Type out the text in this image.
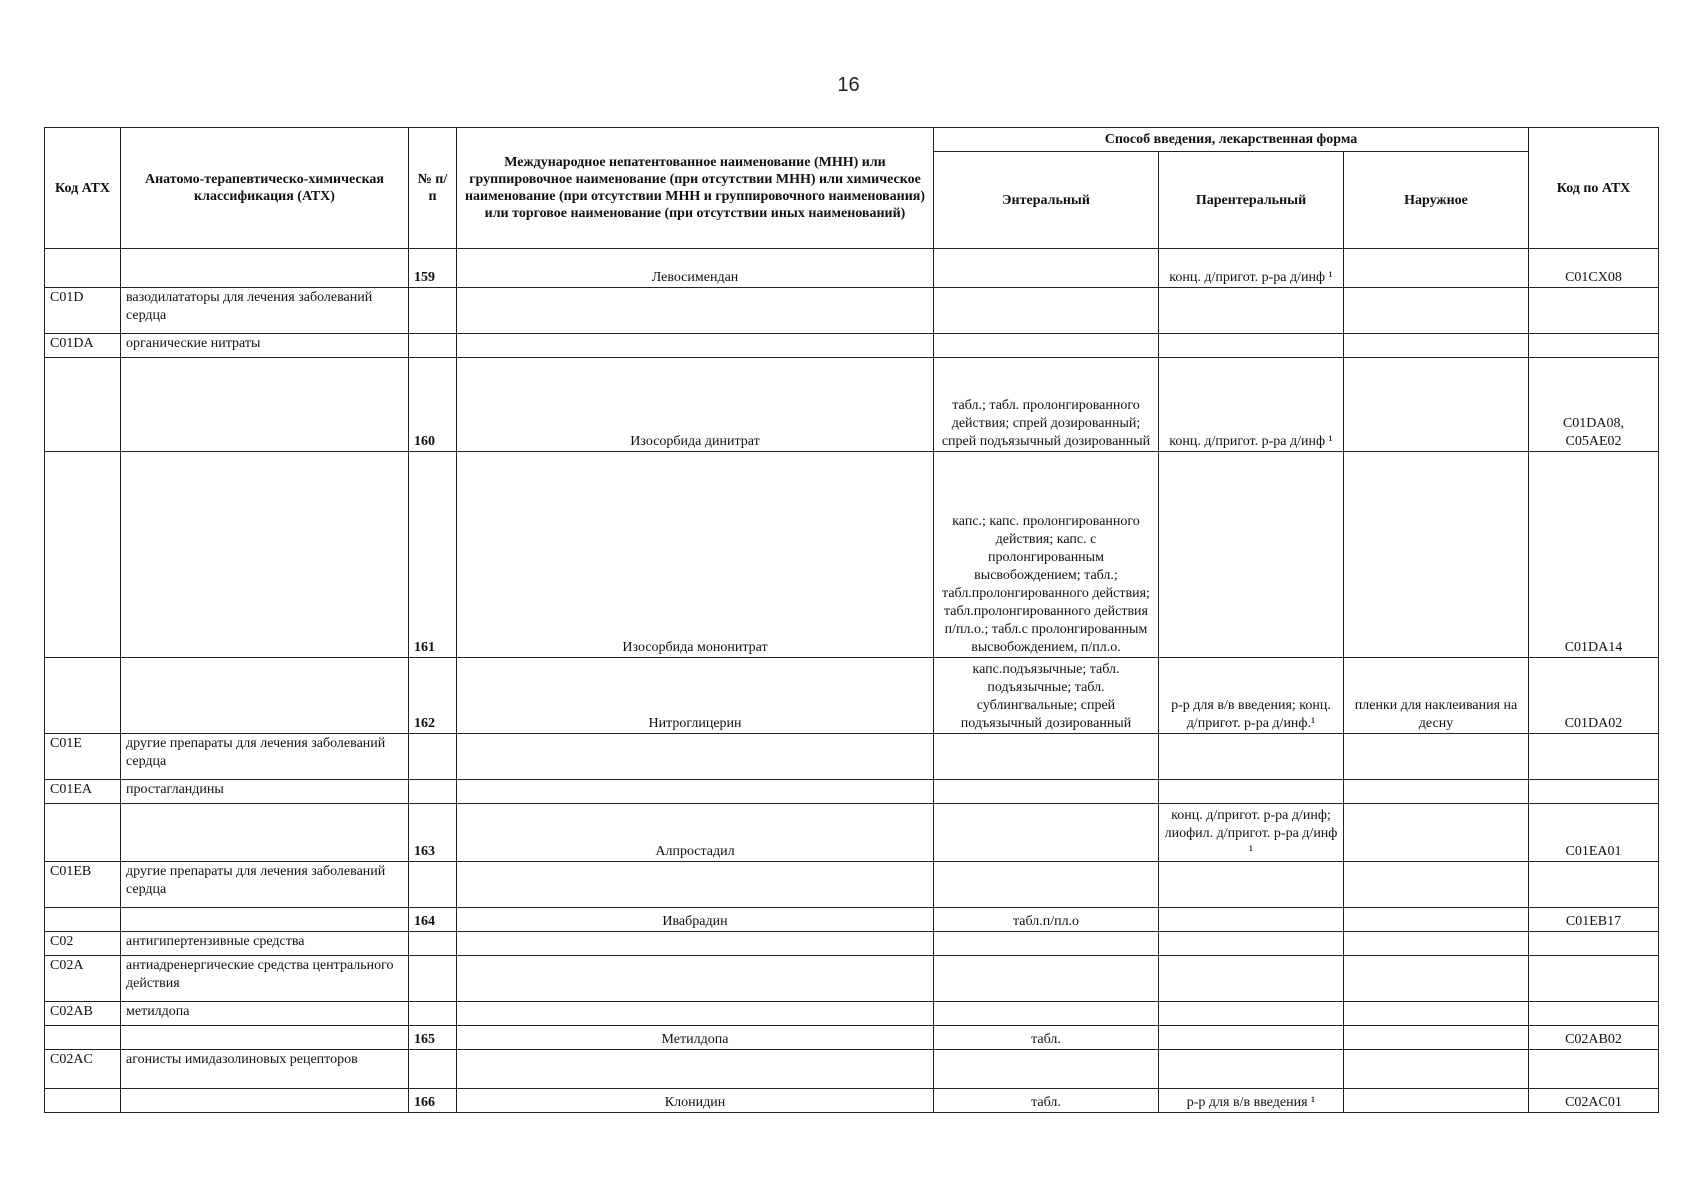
16
Код АТХ	Анатомо-терапевтическо-химическая классификация (АТХ)	№ п/п	Международное непатентованное наименование (МНН) или группировочное наименование (при отсутствии МНН) или химическое наименование (при отсутствии МНН и группировочного наименования) или торговое наименование (при отсутствии иных наименований)	Способ введения, лекарственная форма			Код по АТХ
				Энтеральный	Парентеральный	Наружное	
		159	Левосимендан		конц. д/пригот. р-ра д/инф ¹		C01CX08
C01D	вазодилататоры для лечения заболеваний сердца						
C01DA	органические нитраты						
		160	Изосорбида динитрат	табл.; табл. пролонгированного действия; спрей дозированный; спрей подъязычный дозированный	конц. д/пригот. р-ра д/инф ¹		C01DA08, C05AE02
		161	Изосорбида мононитрат	капс.; капс. пролонгированного действия; капс. с пролонгированным высвобождением; табл.; табл.пролонгированного действия; табл.пролонгированного действия п/пл.о.; табл.с пролонгированным высвобождением, п/пл.о.			C01DA14
		162	Нитроглицерин	капс.подъязычные; табл. подъязычные; табл. сублингвальные; спрей подъязычный дозированный	р-р для в/в введения; конц. д/пригот. р-ра д/инф.¹	пленки для наклеивания на десну	C01DA02
C01E	другие препараты для лечения заболеваний сердца						
C01EA	простагландины						
		163	Алпростадил		конц. д/пригот. р-ра д/инф; лиофил. д/пригот. р-ра д/инф ¹		C01EA01
C01EB	другие препараты для лечения заболеваний сердца						
		164	Ивабрадин	табл.п/пл.о			C01EB17
C02	антигипертензивные средства						
C02A	антиадренергические средства центрального действия						
C02AB	метилдопа						
		165	Метилдопа	табл.			C02AB02
C02AC	агонисты имидазолиновых рецепторов						
		166	Клонидин	табл.	р-р для в/в введения ¹		C02AC01
